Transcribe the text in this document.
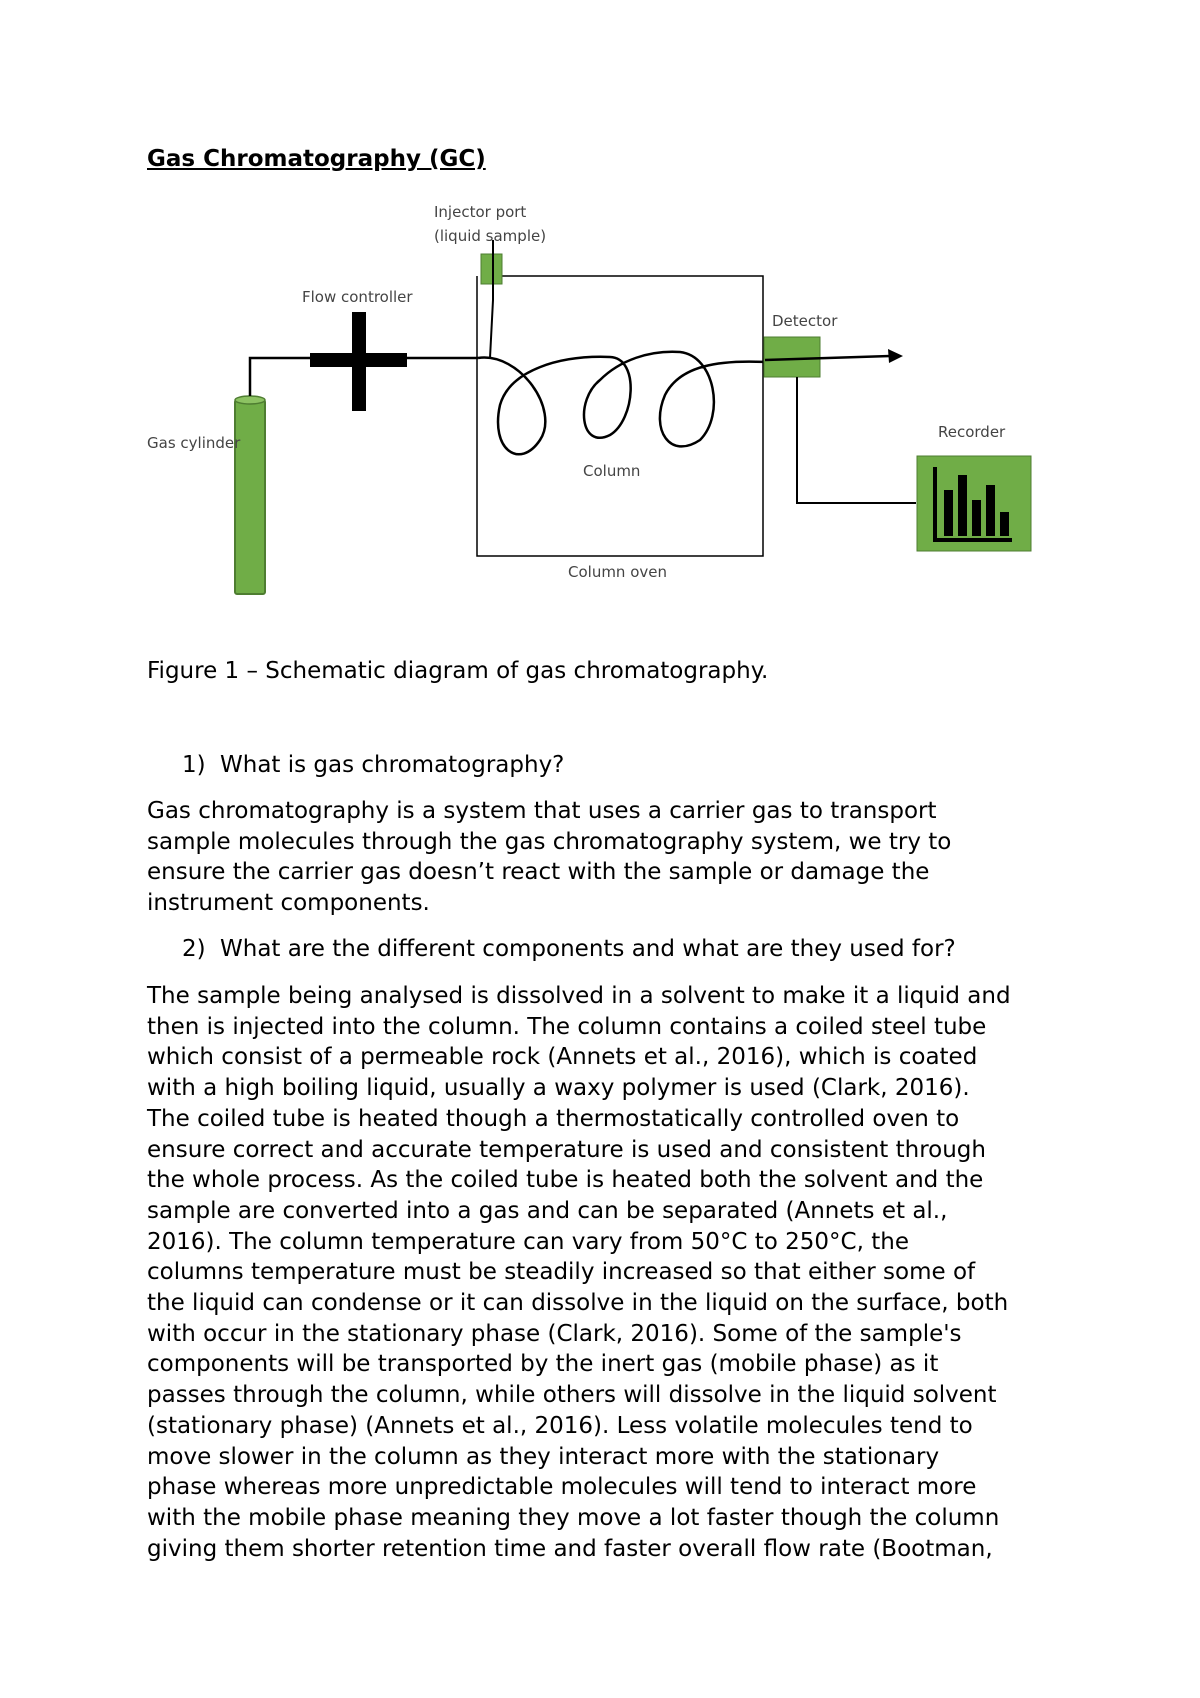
Gas Chromatography (GC)
Injector port
(liquid sample)
Flow controller
Detector
Gas cylinder
Recorder
Column
Column oven

Figure 1 – Schematic diagram of gas chromatography.

1) What is gas chromatography?

Gas chromatography is a system that uses a carrier gas to transport
sample molecules through the gas chromatography system, we try to
ensure the carrier gas doesn’t react with the sample or damage the
instrument components.

2) What are the different components and what are they used for?

The sample being analysed is dissolved in a solvent to make it a liquid and
then is injected into the column. The column contains a coiled steel tube
which consist of a permeable rock (Annets et al., 2016), which is coated
with a high boiling liquid, usually a waxy polymer is used (Clark, 2016).
The coiled tube is heated though a thermostatically controlled oven to
ensure correct and accurate temperature is used and consistent through
the whole process. As the coiled tube is heated both the solvent and the
sample are converted into a gas and can be separated (Annets et al.,
2016). The column temperature can vary from 50°C to 250°C, the
columns temperature must be steadily increased so that either some of
the liquid can condense or it can dissolve in the liquid on the surface, both
with occur in the stationary phase (Clark, 2016). Some of the sample's
components will be transported by the inert gas (mobile phase) as it
passes through the column, while others will dissolve in the liquid solvent
(stationary phase) (Annets et al., 2016). Less volatile molecules tend to
move slower in the column as they interact more with the stationary
phase whereas more unpredictable molecules will tend to interact more
with the mobile phase meaning they move a lot faster though the column
giving them shorter retention time and faster overall flow rate (Bootman,
